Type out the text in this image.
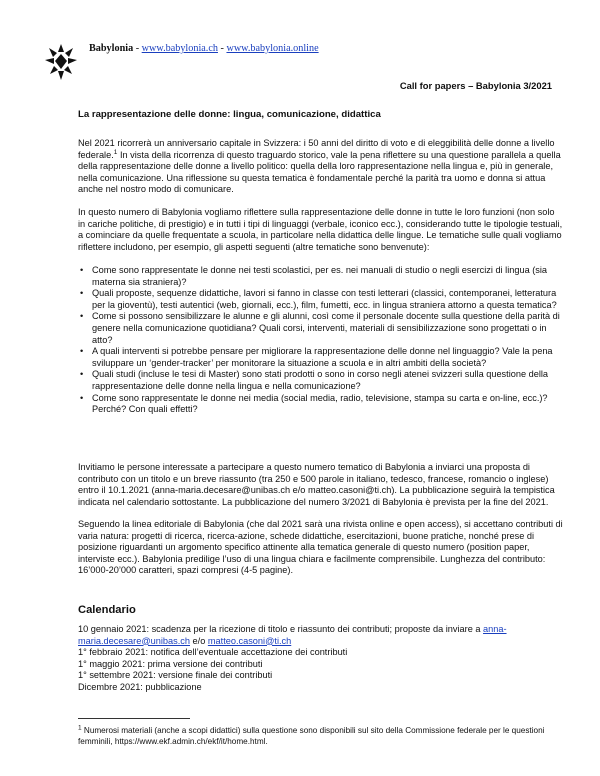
Babylonia - www.babylonia.ch - www.babylonia.online
Call for papers – Babylonia 3/2021
La rappresentazione delle donne: lingua, comunicazione, didattica

Nel 2021 ricorrerà un anniversario capitale in Svizzera: i 50 anni del diritto di voto e di eleggibilità delle donne a livello federale.$^1$ In vista della ricorrenza di questo traguardo storico, vale la pena riflettere su una questione parallela a quella della rappresentazione delle donne a livello politico: quella della loro rappresentazione nella lingua e, più in generale, nella comunicazione. Una riflessione su questa tematica è fondamentale perché la parità tra uomo e donna si attua anche nel nostro modo di comunicare.

In questo numero di Babylonia vogliamo riflettere sulla rappresentazione delle donne in tutte le loro funzioni (non solo in cariche politiche, di prestigio) e in tutti i tipi di linguaggi (verbale, iconico ecc.), considerando tutte le tipologie testuali, a cominciare da quelle frequentate a scuola, in particolare nella didattica delle lingue. Le tematiche sulle quali vogliamo riflettere includono, per esempio, gli aspetti seguenti (altre tematiche sono benvenute):
• Come sono rappresentate le donne nei testi scolastici, per es. nei manuali di studio o negli esercizi di lingua (sia materna sia straniera)?
• Quali proposte, sequenze didattiche, lavori si fanno in classe con testi letterari (classici, contemporanei, letteratura per la gioventù), testi autentici (web, giornali, ecc.), film, fumetti, ecc. in lingua straniera attorno a questa tematica?
• Come si possono sensibilizzare le alunne e gli alunni, così come il personale docente sulla questione della parità di genere nella comunicazione quotidiana? Quali corsi, interventi, materiali di sensibilizzazione sono progettati o in atto?
• A quali interventi si potrebbe pensare per migliorare la rappresentazione delle donne nel linguaggio? Vale la pena sviluppare un ‘gender-tracker’ per monitorare la situazione a scuola e in altri ambiti della società?
• Quali studi (incluse le tesi di Master) sono stati prodotti o sono in corso negli atenei svizzeri sulla questione della rappresentazione delle donne nella lingua e nella comunicazione?
• Come sono rappresentate le donne nei media (social media, radio, televisione, stampa su carta e on-line, ecc.)? Perché? Con quali effetti?
Invitiamo le persone interessate a partecipare a questo numero tematico di Babylonia a inviarci una proposta di contributo con un titolo e un breve riassunto (tra 250 e 500 parole in italiano, tedesco, francese, romancio o inglese) entro il 10.1.2021 (anna-maria.decesare@unibas.ch e/o matteo.casoni@ti.ch). La pubblicazione seguirà la tempistica indicata nel calendario sottostante. La pubblicazione del numero 3/2021 di Babylonia è prevista per la fine del 2021.
Seguendo la linea editoriale di Babylonia (che dal 2021 sarà una rivista online e open access), si accettano contributi di varia natura: progetti di ricerca, ricerca-azione, schede didattiche, esercitazioni, buone pratiche, nonché prese di posizione riguardanti un argomento specifico attinente alla tematica generale di questo numero (position paper, interviste ecc.). Babylonia predilige l’uso di una lingua chiara e facilmente comprensibile. Lunghezza del contributo: 16’000-20’000 caratteri, spazi compresi (4-5 pagine).
Calendario
10 gennaio 2021: scadenza per la ricezione di titolo e riassunto dei contributi; proposte da inviare a anna-maria.decesare@unibas.ch e/o matteo.casoni@ti.ch
1° febbraio 2021: notifica dell’eventuale accettazione dei contributi
1° maggio 2021: prima versione dei contributi
1° settembre 2021: versione finale dei contributi
Dicembre 2021: pubblicazione
$^1$ Numerosi materiali (anche a scopi didattici) sulla questione sono disponibili sul sito della Commissione federale per le questioni femminili, https://www.ekf.admin.ch/ekf/it/home.html.
